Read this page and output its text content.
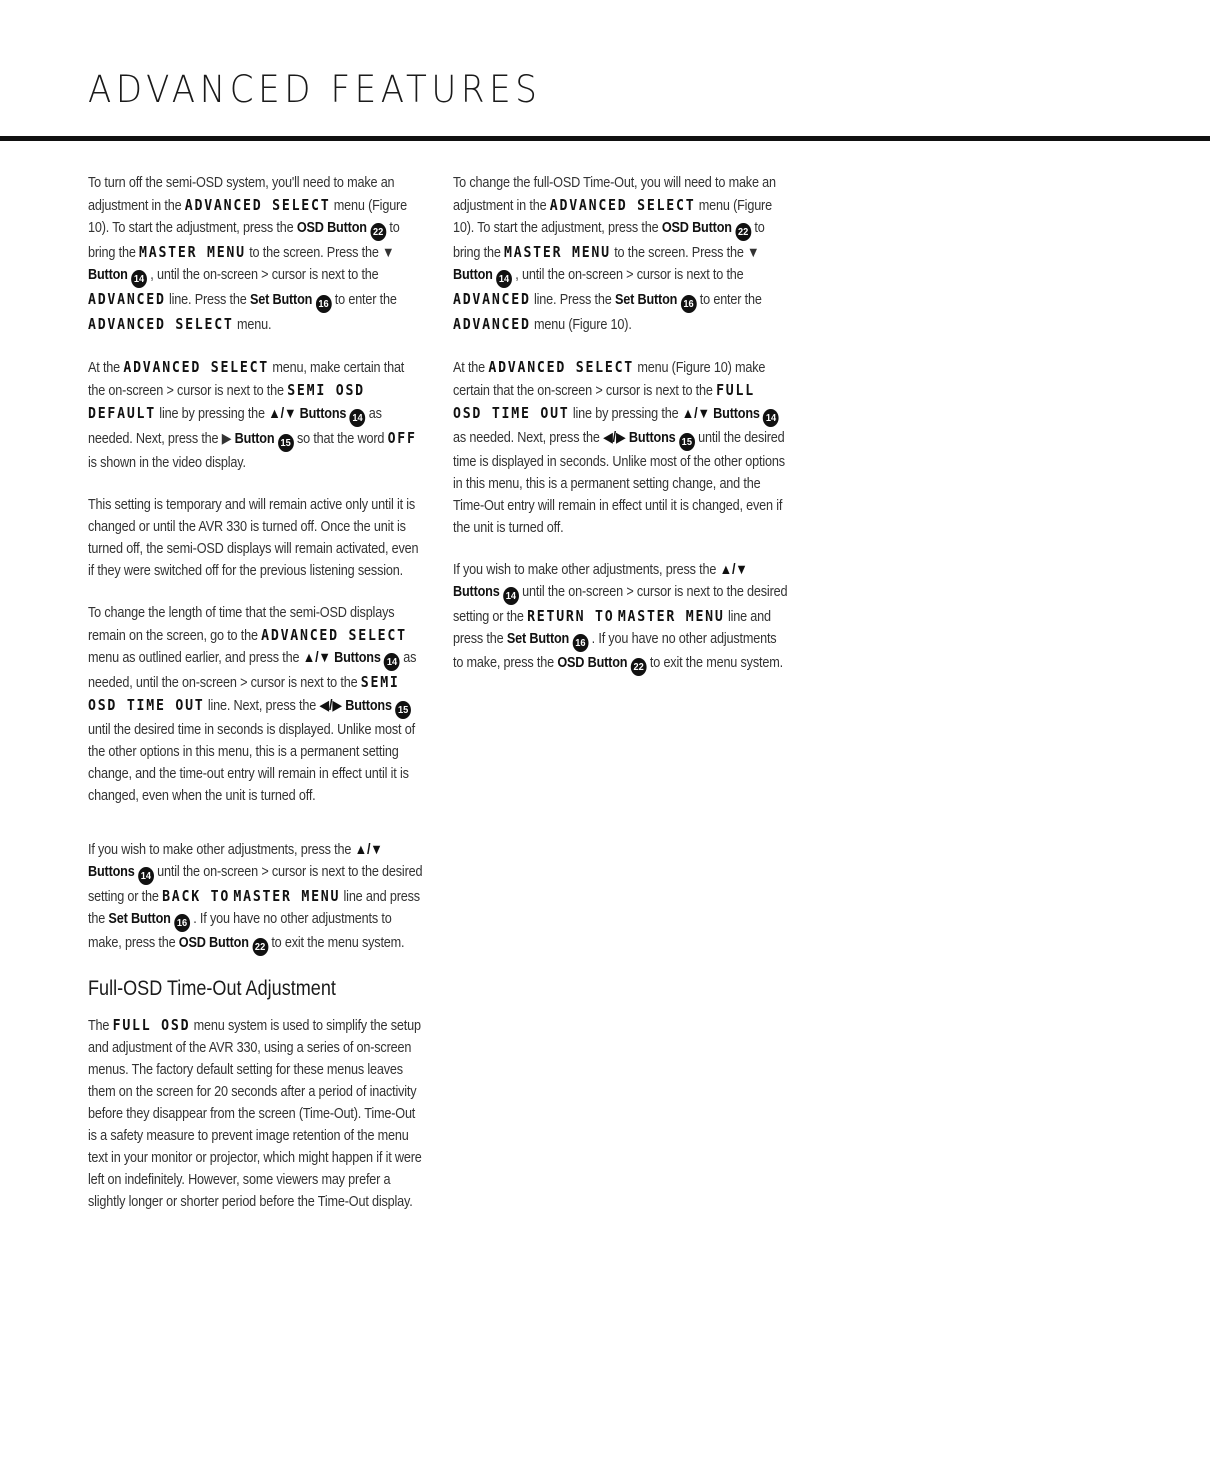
ADVANCED FEATURES

To turn off the semi-OSD system, you'll need to make an adjustment in the ADVANCED SELECT menu (Figure 10). To start the adjustment, press the OSD Button 22 to bring the MASTER MENU to the screen. Press the ▼ Button 14 , until the on-screen > cursor is next to the ADVANCED line. Press the Set Button 16 to enter the ADVANCED SELECT menu.

At the ADVANCED SELECT menu, make certain that the on-screen > cursor is next to the SEMI OSD DEFAULT line by pressing the ▲/▼ Buttons 14 as needed. Next, press the ▶ Button 15 so that the word OFF is shown in the video display.

This setting is temporary and will remain active only until it is changed or until the AVR 330 is turned off. Once the unit is turned off, the semi-OSD displays will remain activated, even if they were switched off for the previous listening session.

To change the length of time that the semi-OSD displays remain on the screen, go to the ADVANCED SELECT menu as outlined earlier, and press the ▲/▼ Buttons 14 as needed, until the on-screen > cursor is next to the SEMI OSD TIME OUT line. Next, press the ◀/▶ Buttons 15 until the desired time in seconds is displayed. Unlike most of the other options in this menu, this is a permanent setting change, and the time-out entry will remain in effect until it is changed, even when the unit is turned off.

If you wish to make other adjustments, press the ▲/▼ Buttons 14 until the on-screen > cursor is next to the desired setting or the BACK TO MASTER MENU line and press the Set Button 16 . If you have no other adjustments to make, press the OSD Button 22 to exit the menu system.

Full-OSD Time-Out Adjustment

The FULL OSD menu system is used to simplify the setup and adjustment of the AVR 330, using a series of on-screen menus. The factory default setting for these menus leaves them on the screen for 20 seconds after a period of inactivity before they disappear from the screen (Time-Out). Time-Out is a safety measure to prevent image retention of the menu text in your monitor or projector, which might happen if it were left on indefinitely. However, some viewers may prefer a slightly longer or shorter period before the Time-Out display.

To change the full-OSD Time-Out, you will need to make an adjustment in the ADVANCED SELECT menu (Figure 10). To start the adjustment, press the OSD Button 22 to bring the MASTER MENU to the screen. Press the ▼ Button 14 , until the on-screen > cursor is next to the ADVANCED line. Press the Set Button 16 to enter the ADVANCED menu (Figure 10).

At the ADVANCED SELECT menu (Figure 10) make certain that the on-screen > cursor is next to the FULL OSD TIME OUT line by pressing the ▲/▼ Buttons 14 as needed. Next, press the ◀/▶ Buttons 15 until the desired time is displayed in seconds. Unlike most of the other options in this menu, this is a permanent setting change, and the Time-Out entry will remain in effect until it is changed, even if the unit is turned off.

If you wish to make other adjustments, press the ▲/▼ Buttons 14 until the on-screen > cursor is next to the desired setting or the RETURN TO MASTER MENU line and press the Set Button 16 . If you have no other adjustments to make, press the OSD Button 22 to exit the menu system.
